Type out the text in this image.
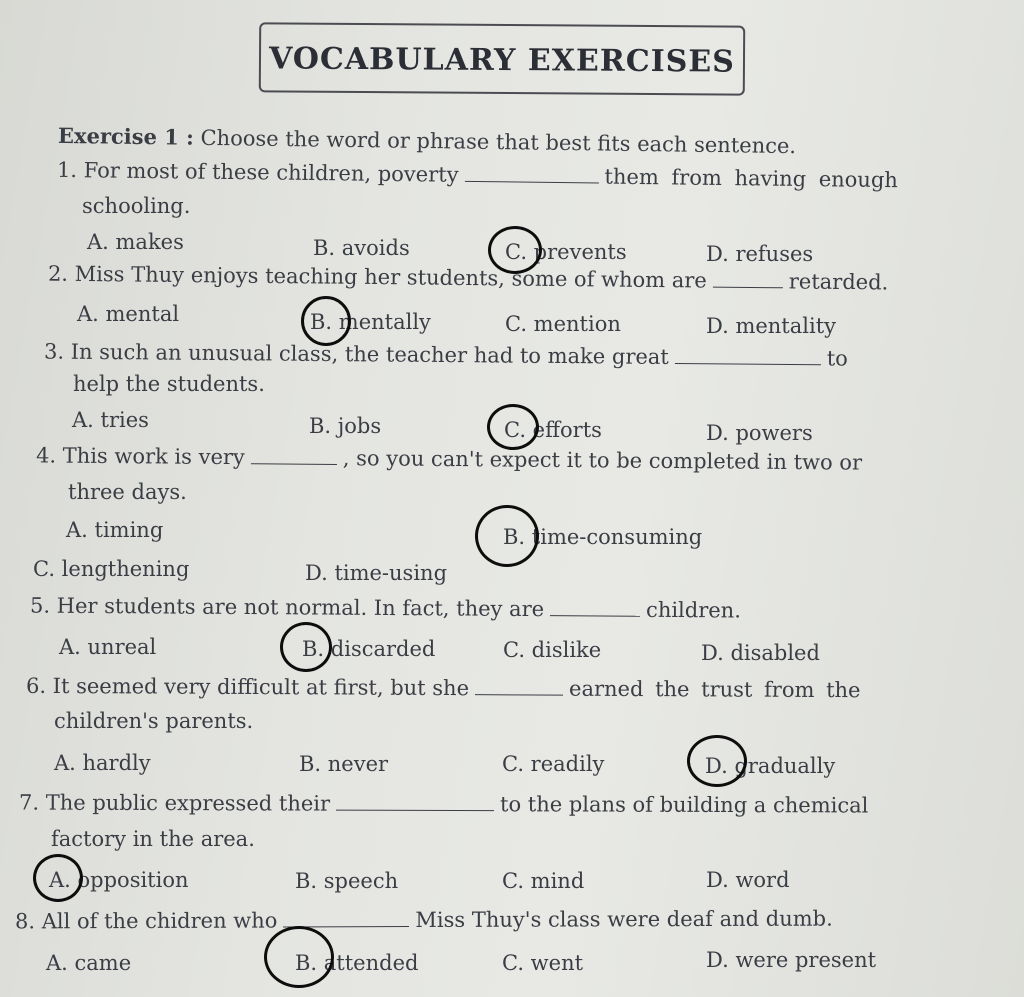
VOCABULARY EXERCISES
Exercise 1 : Choose the word or phrase that best fits each sentence.
1. For most of these children, poverty	them from having enough
schooling.
A. makes	B. avoids	C. prevents	D. refuses
2. Miss Thuy enjoys teaching her students, some of whom are	retarded.
A. mental	B. mentally	C. mention	D. mentality
3. In such an unusual class, the teacher had to make great	to
help the students.
A. tries	B. jobs	C. efforts	D. powers
4. This work is very	, so you can't expect it to be completed in two or
three days.
A. timing	B. time-consuming
C. lengthening	D. time-using
5. Her students are not normal. In fact, they are	children.
A. unreal	B. discarded	C. dislike	D. disabled
6. It seemed very difficult at first, but she	earned the trust from the
children's parents.
A. hardly	B. never	C. readily	D. gradually
7. The public expressed their	to the plans of building a chemical
factory in the area.
A. opposition	B. speech	C. mind	D. word
8. All of the chidren who	Miss Thuy's class were deaf and dumb.
A. came	B. attended	C. went	D. were present
